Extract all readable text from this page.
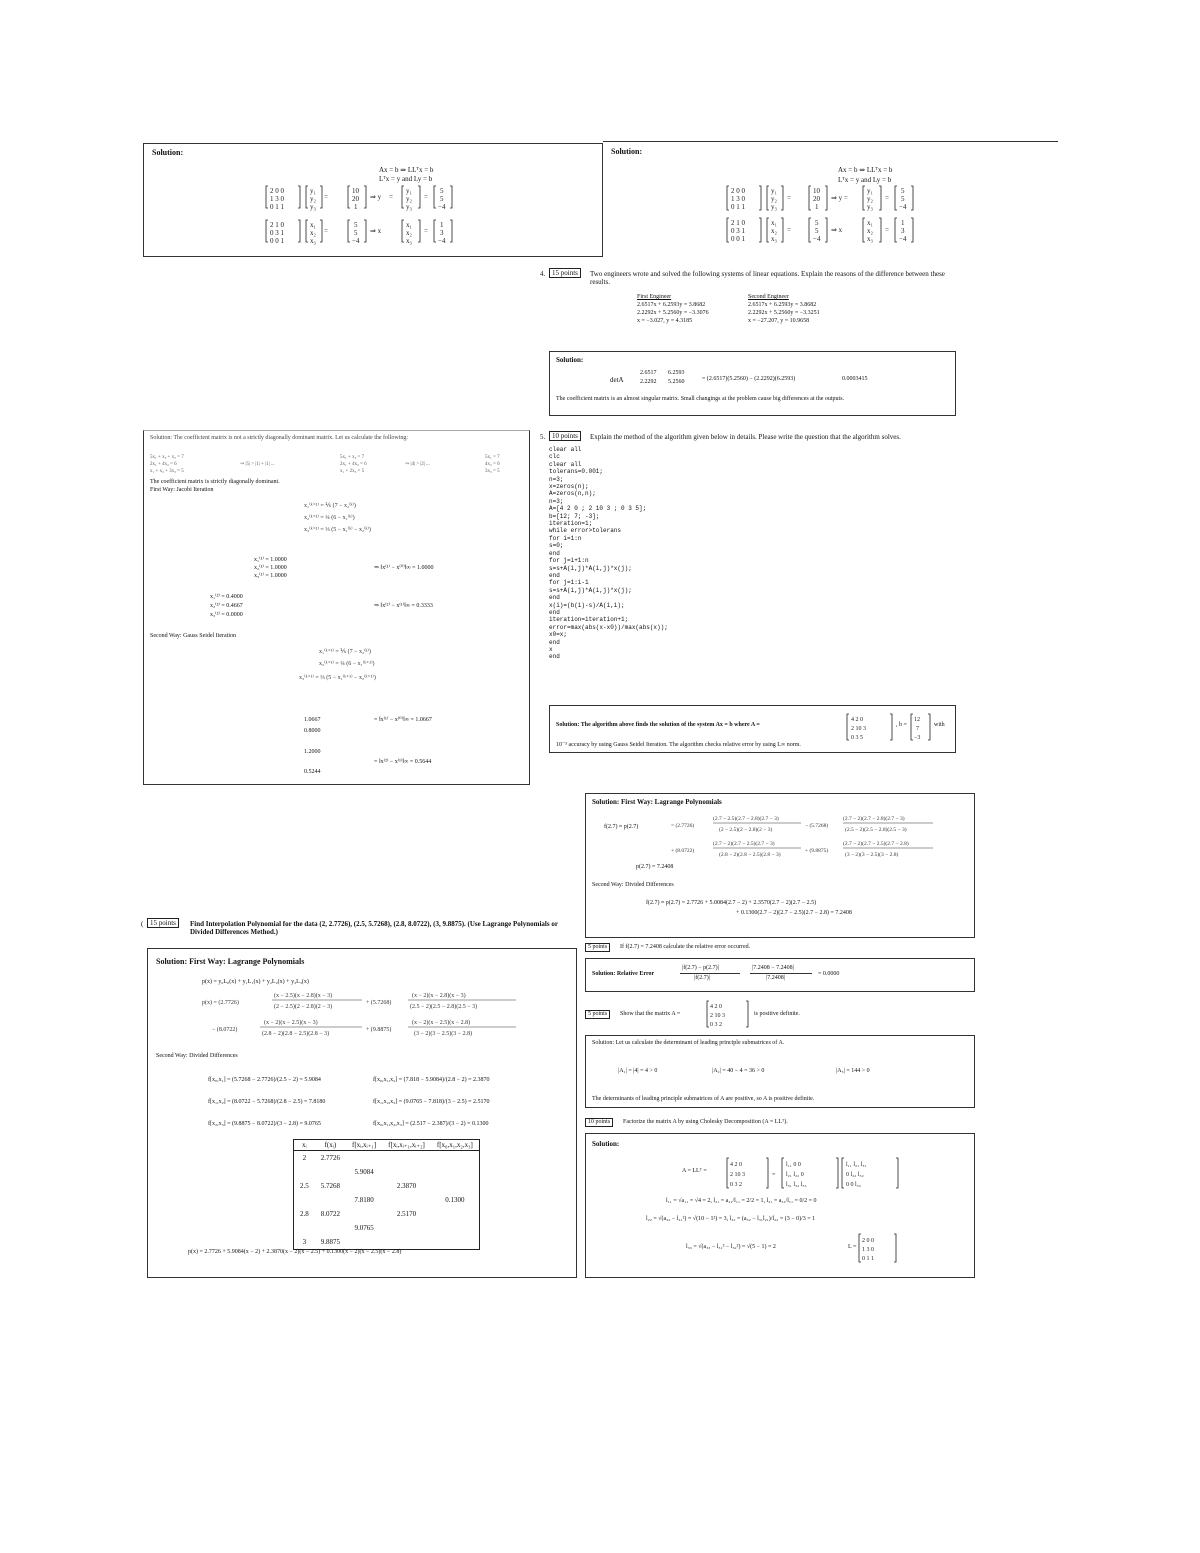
Solution:
Ax = b ⇒ LLᵀx = b
Lᵀx = y and Ly = b
2 0 0
1 3 0
0 1 1
y₁
y₂
y₃
=
10
20
1
⇒ y =
y₁
y₂
y₃
=
5
5
−4
2 1 0
0 3 1
0 0 1
x₁
x₂
x₃
=
5
5
−4
⇒ x
x₁
x₂
x₃
=
1
3
−4
Solution:
Ax = b ⇒ LLᵀx = b
Lᵀx = y and Ly = b
2 0 0
1 3 0
0 1 1
y₁
y₂
y₃
=
10
20
1
⇒ y =
y₁
y₂
y₃
=
5
5
−4
2 1 0
0 3 1
0 0 1
x₁
x₂
x₃
=
5
5
−4
⇒ x
x₁
x₂
x₃
=
1
3
−4
4. 15 points	Two engineers wrote and solved the following systems of linear equations. Explain the reasons of the difference between these results.
First Engineer
2.6517x + 6.2593y = 3.8682
2.2292x + 5.2560y = −3.3076
x = −3.027, y = 4.3185
Second Engineer
2.6517x + 6.2593y = 3.8682
2.2292x + 5.2560y = −3.3251
x = −27.207, y = 10.9658
Solution:
detA
2.6517 6.2593
2.2292 5.2560	= (2.6517)(5.2560) − (2.2292)(6.2593)	0.0003415
The coefficient matrix is an almost singular matrix. Small changings at the problem cause big differences at the outputs.
Solution: The coefficient matrix is not a strictly diagonally dominant matrix. Let us calculate the following:
5x₁ + x₂ + x₃ = 7
2x₁ + 4x₂ = 6
x₁ + x₂ + 3x₃ = 5
⇒ |5| > |1| + |1| ...
5x₁ + x₂ = 7
2x₁ + 4x₂ = 6
x₁ + 2x₃ = 5
⇒ |4| > |2| ...
5x₁ = 7
4x₂ = 6
3x₃ = 5
The coefficient matrix is strictly diagonally dominant.
First Way: Jacobi Iteration
x₁⁽ᵏ⁺¹⁾ = ⅕ (7 − x₂⁽ᵏ⁾)
x₂⁽ᵏ⁺¹⁾ = ¼ (6 − x₁⁽ᵏ⁾)
x₃⁽ᵏ⁺¹⁾ = ⅓ (5 − x₁⁽ᵏ⁾ − x₂⁽ᵏ⁾)
x₁⁽¹⁾ = 1.0000
x₂⁽¹⁾ = 1.0000
x₃⁽¹⁾ = 1.0000
⇒ ‖x⁽¹⁾ − x⁽⁰⁾‖∞ = 1.0000
x₁⁽²⁾ = 0.4000
x₂⁽²⁾ = 0.4667
x₃⁽²⁾ = 0.0000
⇒ ‖x⁽²⁾ − x⁽¹⁾‖∞ = 0.3333
Second Way: Gauss Seidel Iteration
x₁⁽ᵏ⁺¹⁾ = ⅕ (7 − x₂⁽ᵏ⁾)
x₂⁽ᵏ⁺¹⁾ = ¼ (6 − x₁⁽ᵏ⁺¹⁾)
x₃⁽ᵏ⁺¹⁾ = ⅓ (5 − x₁⁽ᵏ⁺¹⁾ − x₂⁽ᵏ⁺¹⁾)
1.0667
0.8000
= ‖x⁽¹⁾ − x⁽⁰⁾‖∞ = 1.0667
1.2000
0.5244
= ‖x⁽²⁾ − x⁽¹⁾‖∞ = 0.5644
5. 10 points	Explain the method of the algorithm given below in details. Please write the question that the algorithm solves.
clear all
clc
clear all
tolerans=0.001;
n=3;
x=zeros(n);
A=zeros(n,n);
n=3;
A=[4 2 0 ; 2 10 3 ; 0 3 5];
b=[12; 7; -3];
iteration=1;
while error>tolerans
for i=1:n
s=0;
end
for j=i+1:n
s=s+A(i,j)*A(i,j)*x(j);
end
for j=1:i-1
s=s+A(i,j)*A(i,j)*x(j);
end
x(i)=(b(i)-s)/A(i,i);
end
iteration=iteration+1;
error=max(abs(x-x0))/max(abs(x));
x0=x;
end
x
end
Solution: The algorithm above finds the solution of the system Ax = b where A =
4 2 0
2 10 3
0 3 5
, b =
12
7
−3
with
10⁻³ accuracy by using Gauss Seidel Iteration. The algorithm checks relative error by using L∞ norm.
Solution: First Way: Lagrange Polynomials
f(2.7) ≈ p(2.7)	= (2.7726)
(2.7 − 2.5)(2.7 − 2.8)(2.7 − 3)
(2 − 2.5)(2 − 2.8)(2 − 3)
− (5.7268)
(2.7 − 2)(2.7 − 2.8)(2.7 − 3)
(2.5 − 2)(2.5 − 2.8)(2.5 − 3)
+ (8.0722)
(2.7 − 2)(2.7 − 2.5)(2.7 − 3)
(2.8 − 2)(2.8 − 2.5)(2.8 − 3)
+ (9.8875)
(2.7 − 2)(2.7 − 2.5)(2.7 − 2.8)
(3 − 2)(3 − 2.5)(3 − 2.8)
p(2.7) = 7.2408
Second Way: Divided Differences
f(2.7) ≈ p(2.7) = 2.7726 + 5.0084(2.7 − 2) + 2.3570(2.7 − 2)(2.7 − 2.5)
+ 0.1300(2.7 − 2)(2.7 − 2.5)(2.7 − 2.8) = 7.2408
5 points	If f(2.7) = 7.2408 calculate the relative error occurred.
Solution: Relative Error
|f(2.7) − p(2.7)|
|f(2.7)|
|7.2408 − 7.2408|
|7.2408|
= 0.0000
5 points	Show that the matrix A =
4 2 0
2 10 3
0 3 2
is positive definite.
Solution: Let us calculate the determinant of leading principle submatrices of A.
|A₁| = |4| = 4 > 0	|A₂| = 40 − 4 = 36 > 0	|A₃| = 144 > 0
The determinants of leading principle submatrices of A are positive, so A is positive definite.
10 points	Factorize the matrix A by using Cholesky Decomposition (A = LLᵀ).
Solution:
A = LLᵀ =
4 2 0
2 10 3
0 3 2
=
l₁₁ 0 0
l₂₁ l₂₂ 0
l₃₁ l₃₂ l₃₃
l₁₁ l₂₁ l₃₁
0 l₂₂ l₃₂
0 0 l₃₃
l₁₁ = √a₁₁ = √4 = 2, l₂₁ = a₂₁/l₁₁ = 2/2 = 1, l₃₁ = a₃₁/l₁₁ = 0/2 = 0
l₂₂ = √(a₂₂ − l₂₁²) = √(10 − 1²) = 3, l₃₂ = (a₃₂ − l₃₁l₂₁)/l₂₂ = (3 − 0)/3 = 1
l₃₃ = √(a₃₃ − l₃₁² − l₃₂²) = √(5 − 1) = 2	L =
2 0 0
1 3 0
0 1 1
( 15 points	Find Interpolation Polynomial for the data (2, 2.7726), (2.5, 5.7268), (2.8, 8.0722), (3, 9.8875). (Use Lagrange Polynomials or Divided Differences Method.)
Solution: First Way: Lagrange Polynomials
p(x) = y₀L₀(x) + y₁L₁(x) + y₂L₂(x) + y₃L₃(x)
p(x) = (2.7726)
(x − 2.5)(x − 2.8)(x − 3)
(2 − 2.5)(2 − 2.8)(2 − 3)
+ (5.7268)
(x − 2)(x − 2.8)(x − 3)
(2.5 − 2)(2.5 − 2.8)(2.5 − 3)
− (8.0722)
(x − 2)(x − 2.5)(x − 3)
(2.8 − 2)(2.8 − 2.5)(2.8 − 3)
+ (9.8875)
(x − 2)(x − 2.5)(x − 2.8)
(3 − 2)(3 − 2.5)(3 − 2.8)
Second Way: Divided Differences
f[x₀,x₁] = (5.7268 − 2.7726)/(2.5 − 2) = 5.9084
f[x₁,x₂] = (8.0722 − 5.7268)/(2.8 − 2.5) = 7.8180
f[x₂,x₃] = (9.8875 − 8.0722)/(3 − 2.8) = 9.0765
f[x₁,x₂,x₃] = (9.0765 − 7.818)/(3 − 2.5) = 2.5170
f[x₀,x₁,x₂,x₃] = (2.517 − 2.387)/(3 − 2) = 0.1300
f[x₀,x₁,x₂] = (7.818 − 5.9084)/(2.8 − 2) = 2.3870
xᵢ	f(xᵢ)	f[xᵢ,xᵢ₊₁]	f[xᵢ,xᵢ₊₁,xᵢ₊₂]	f[x₀,x₁,x₂,x₃]
2	2.7726			
		5.9084		
2.5	5.7268		2.3870	
		7.8180		0.1300
2.8	8.0722		2.5170	
		9.0765		
3	9.8875			
p(x) = 2.7726 + 5.9084(x − 2) + 2.3870(x − 2)(x − 2.5) + 0.1300(x − 2)(x − 2.5)(x − 2.8)
